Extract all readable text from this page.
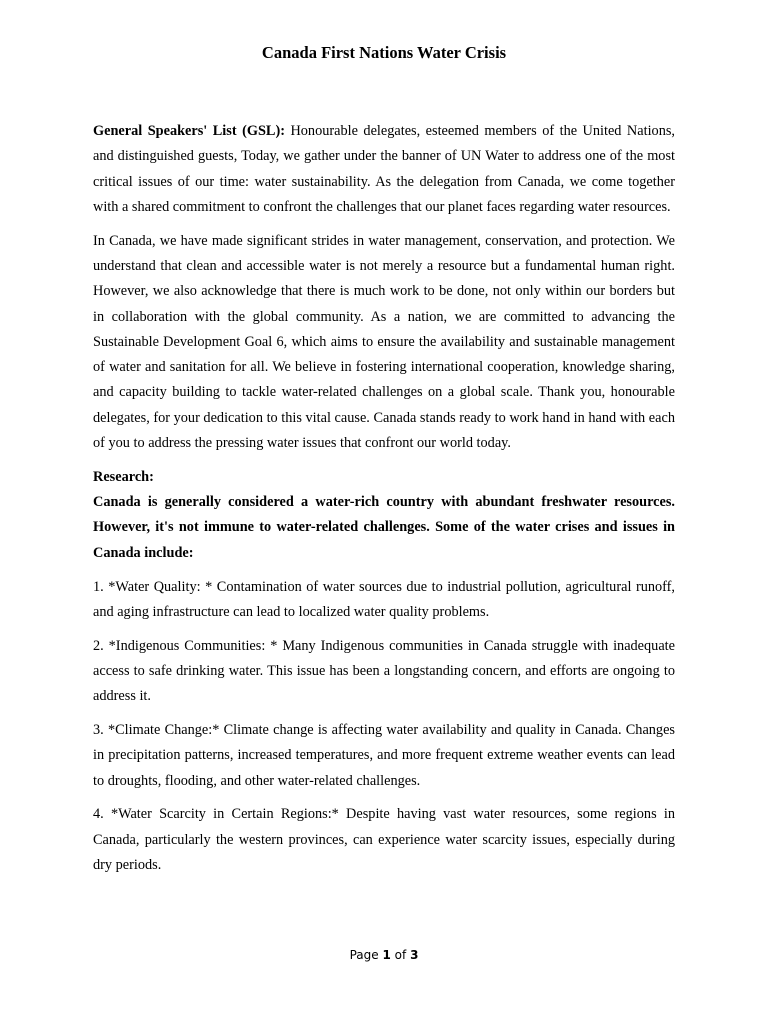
Canada First Nations Water Crisis

General Speakers' List (GSL): Honourable delegates, esteemed members of the United Nations, and distinguished guests, Today, we gather under the banner of UN Water to address one of the most critical issues of our time: water sustainability. As the delegation from Canada, we come together with a shared commitment to confront the challenges that our planet faces regarding water resources.

In Canada, we have made significant strides in water management, conservation, and protection. We understand that clean and accessible water is not merely a resource but a fundamental human right. However, we also acknowledge that there is much work to be done, not only within our borders but in collaboration with the global community. As a nation, we are committed to advancing the Sustainable Development Goal 6, which aims to ensure the availability and sustainable management of water and sanitation for all. We believe in fostering international cooperation, knowledge sharing, and capacity building to tackle water-related challenges on a global scale. Thank you, honourable delegates, for your dedication to this vital cause. Canada stands ready to work hand in hand with each of you to address the pressing water issues that confront our world today.

Research:

Canada is generally considered a water-rich country with abundant freshwater resources. However, it's not immune to water-related challenges. Some of the water crises and issues in Canada include:

1. *Water Quality: * Contamination of water sources due to industrial pollution, agricultural runoff, and aging infrastructure can lead to localized water quality problems.

2. *Indigenous Communities: * Many Indigenous communities in Canada struggle with inadequate access to safe drinking water. This issue has been a longstanding concern, and efforts are ongoing to address it.

3. *Climate Change:* Climate change is affecting water availability and quality in Canada. Changes in precipitation patterns, increased temperatures, and more frequent extreme weather events can lead to droughts, flooding, and other water-related challenges.

4. *Water Scarcity in Certain Regions:* Despite having vast water resources, some regions in Canada, particularly the western provinces, can experience water scarcity issues, especially during dry periods.

Page 1 of 3
